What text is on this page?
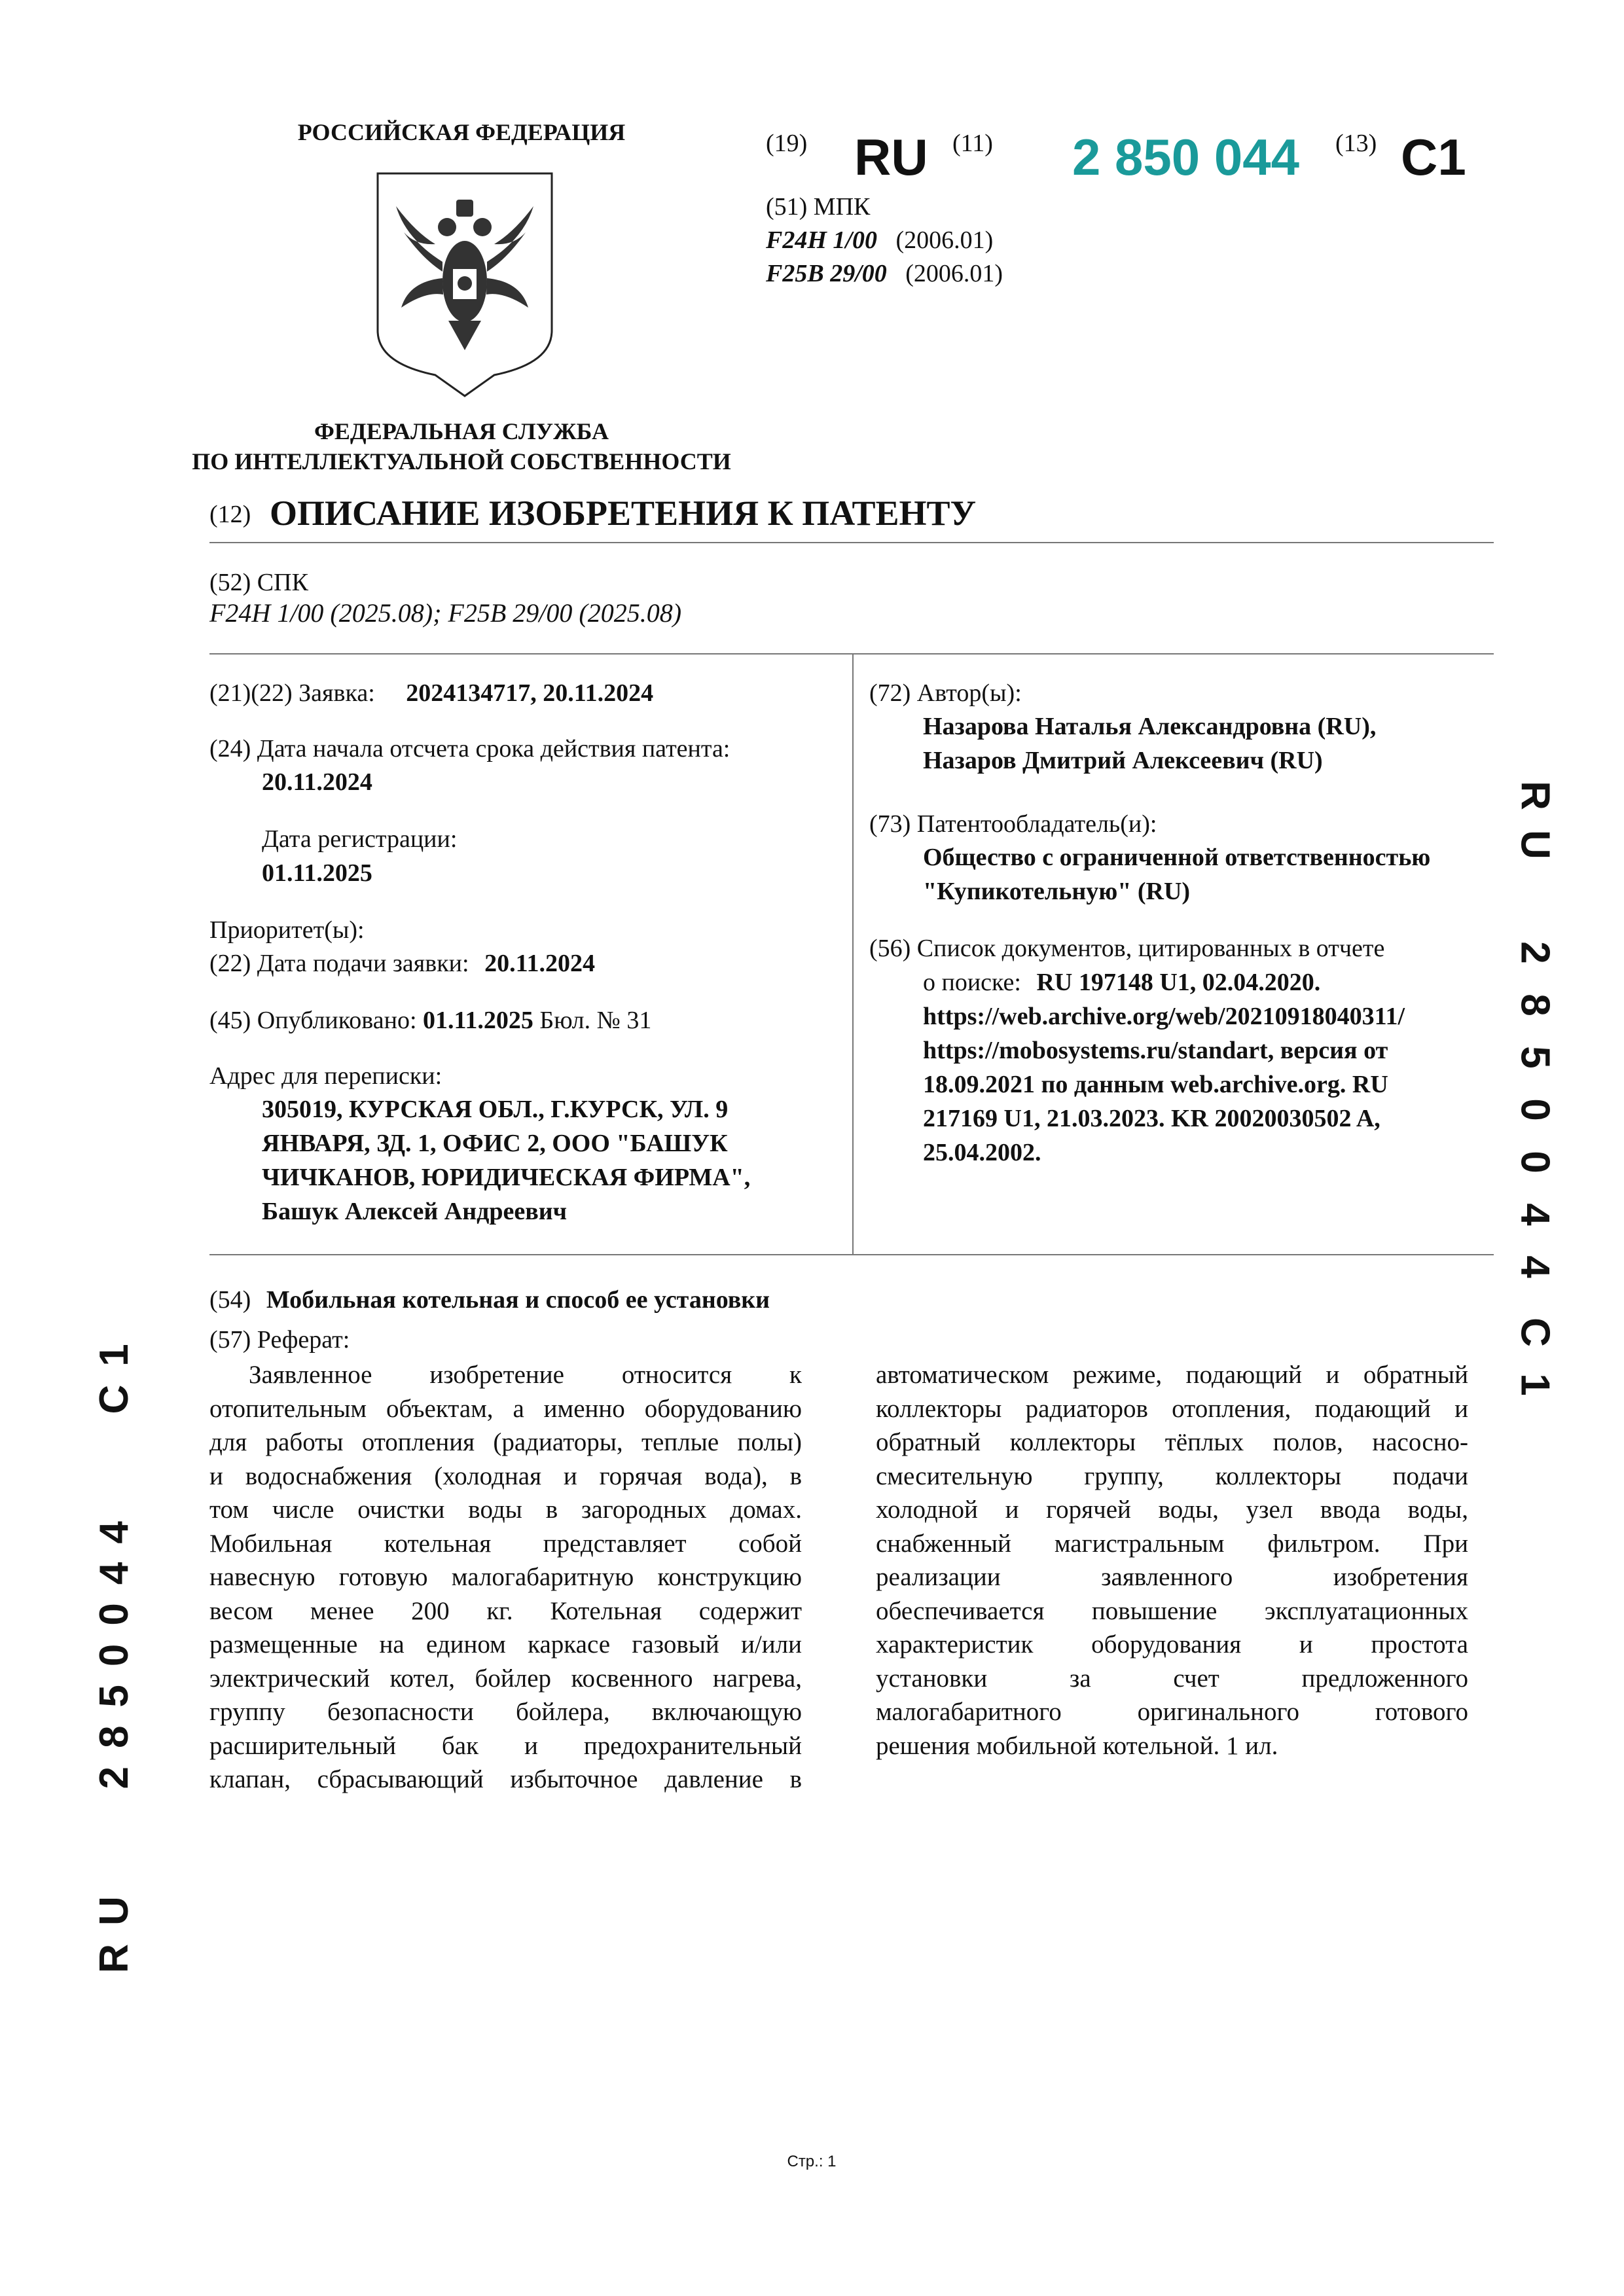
РОССИЙСКАЯ ФЕДЕРАЦИЯ
ФЕДЕРАЛЬНАЯ СЛУЖБА
ПО ИНТЕЛЛЕКТУАЛЬНОЙ СОБСТВЕННОСТИ
(19) RU (11) 2 850 044 (13) C1
(51) МПК
F24H 1/00 (2006.01)
F25B 29/00 (2006.01)
(12) ОПИСАНИЕ ИЗОБРЕТЕНИЯ К ПАТЕНТУ
(52) СПК
F24H 1/00 (2025.08); F25B 29/00 (2025.08)
(21)(22) Заявка: 2024134717, 20.11.2024
(24) Дата начала отсчета срока действия патента:
20.11.2024
Дата регистрации:
01.11.2025
Приоритет(ы):
(22) Дата подачи заявки: 20.11.2024
(45) Опубликовано: 01.11.2025 Бюл. № 31
Адрес для переписки:
305019, КУРСКАЯ ОБЛ., Г.КУРСК, УЛ. 9
ЯНВАРЯ, ЗД. 1, ОФИС 2, ООО "БАШУК
ЧИЧКАНОВ, ЮРИДИЧЕСКАЯ ФИРМА",
Башук Алексей Андреевич
(72) Автор(ы):
Назарова Наталья Александровна (RU),
Назаров Дмитрий Алексеевич (RU)
(73) Патентообладатель(и):
Общество с ограниченной ответственностью
"Купикотельную" (RU)
(56) Список документов, цитированных в отчете
о поиске: RU 197148 U1, 02.04.2020.
https://web.archive.org/web/20210918040311/
https://mobosystems.ru/standart, версия от
18.09.2021 по данным web.archive.org. RU
217169 U1, 21.03.2023. KR 20020030502 A,
25.04.2002.
(54) Мобильная котельная и способ ее установки
(57) Реферат:
Заявленное изобретение относится к
отопительным объектам, а именно оборудованию
для работы отопления (радиаторы, теплые полы)
и водоснабжения (холодная и горячая вода), в
том числе очистки воды в загородных домах.
Мобильная котельная представляет собой
навесную готовую малогабаритную конструкцию
весом менее 200 кг. Котельная содержит
размещенные на едином каркасе газовый и/или
электрический котел, бойлер косвенного нагрева,
группу безопасности бойлера, включающую
расширительный бак и предохранительный
клапан, сбрасывающий избыточное давление в
автоматическом режиме, подающий и обратный
коллекторы радиаторов отопления, подающий и
обратный коллекторы тёплых полов, насосно-
смесительную группу, коллекторы подачи
холодной и горячей воды, узел ввода воды,
снабженный магистральным фильтром. При
реализации заявленного изобретения
обеспечивается повышение эксплуатационных
характеристик оборудования и простота
установки за счет предложенного
малогабаритного оригинального готового
решения мобильной котельной. 1 ил.
R
U
2
8
5
0
0
4
4
C
1
RU   2850044   C1
Стр.: 1
